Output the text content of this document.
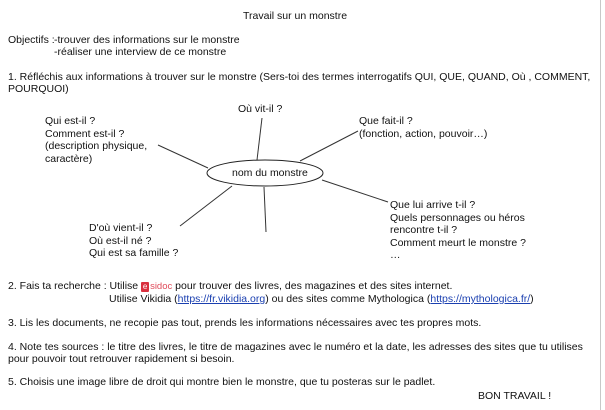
Travail sur un monstre
Objectifs : -trouver des informations sur le monstre
-réaliser une interview de ce monstre
1. Réfléchis aux informations à trouver sur le monstre (Sers-toi des termes interrogatifs QUI, QUE, QUAND, Où , COMMENT,
POURQUOI)
nom du monstre
Où vit-il ?
Qui est-il ?
Comment est-il ?
(description physique,
caractère)
Que fait-il ?
(fonction, action, pouvoir…)
Que lui arrive t-il ?
Quels personnages ou héros
rencontre t-il ?
Comment meurt le monstre ?
…
D'où vient-il ?
Où est-il né ?
Qui est sa famille ?
2. Fais ta recherche : Utilise e sidoc pour trouver des livres, des magazines et des sites internet.
Utilise Vikidia (https://fr.vikidia.org) ou des sites comme Mythologica (https://mythologica.fr/)
3. Lis les documents, ne recopie pas tout, prends les informations nécessaires avec tes propres mots.
4. Note tes sources : le titre des livres, le titre de magazines avec le numéro et la date, les adresses des sites que tu utilises
pour pouvoir tout retrouver rapidement si besoin.
5. Choisis une image libre de droit qui montre bien le monstre, que tu posteras sur le padlet.
BON TRAVAIL !
